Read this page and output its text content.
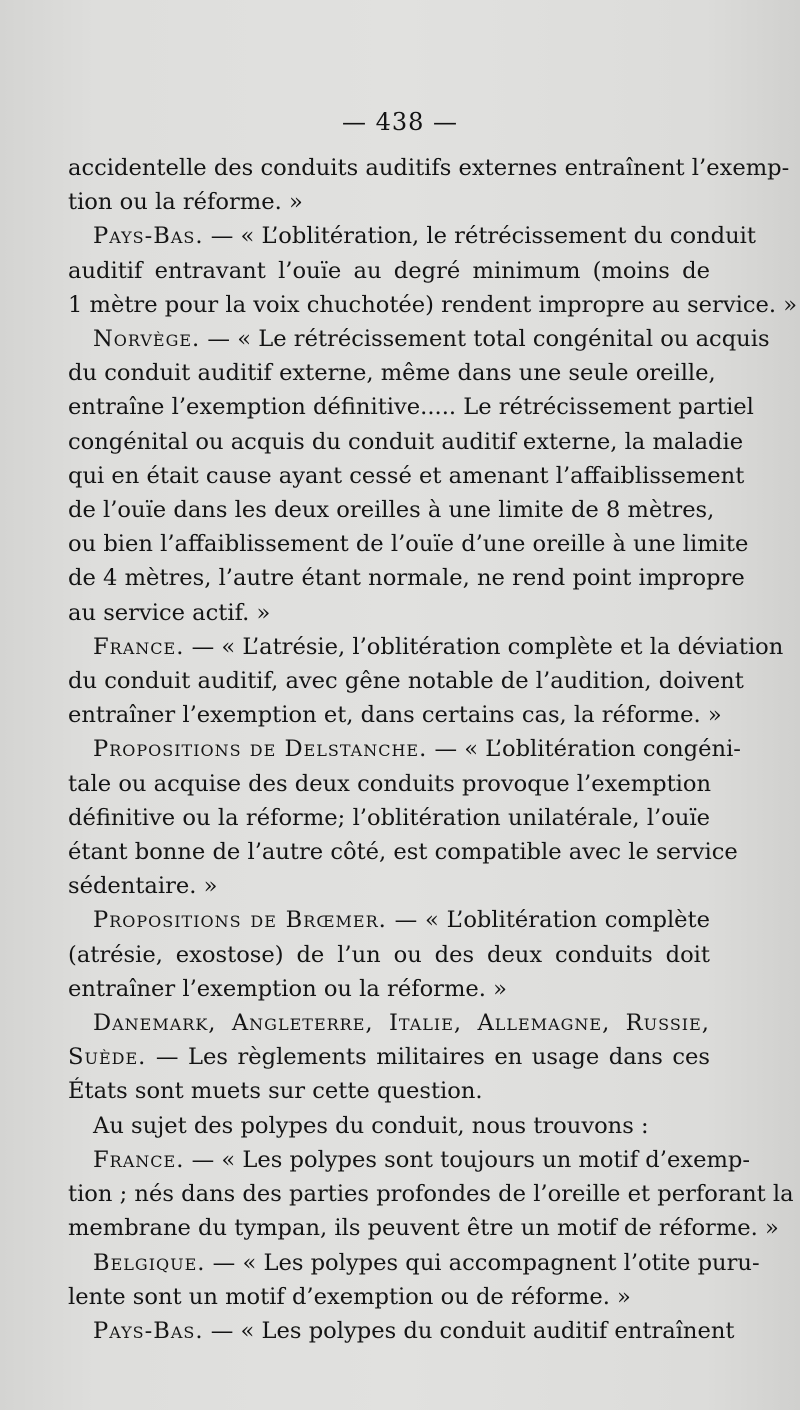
— 438 —
accidentelle des conduits auditifs externes entraînent l’exemp-
tion ou la réforme. »
Pays-Bas. — « L’oblitération, le rétrécissement du conduit
auditif entravant l’ouïe au degré minimum (moins de
1 mètre pour la voix chuchotée) rendent impropre au service. »
Norvège. — « Le rétrécissement total congénital ou acquis
du conduit auditif externe, même dans une seule oreille,
entraîne l’exemption définitive..... Le rétrécissement partiel
congénital ou acquis du conduit auditif externe, la maladie
qui en était cause ayant cessé et amenant l’affaiblissement
de l’ouïe dans les deux oreilles à une limite de 8 mètres,
ou bien l’affaiblissement de l’ouïe d’une oreille à une limite
de 4 mètres, l’autre étant normale, ne rend point impropre
au service actif. »
France. — « L’atrésie, l’oblitération complète et la déviation
du conduit auditif, avec gêne notable de l’audition, doivent
entraîner l’exemption et, dans certains cas, la réforme. »
Propositions de Delstanche. — « L’oblitération congéni-
tale ou acquise des deux conduits provoque l’exemption
définitive ou la réforme; l’oblitération unilatérale, l’ouïe
étant bonne de l’autre côté, est compatible avec le service
sédentaire. »
Propositions de Brœmer. — « L’oblitération complète
(atrésie, exostose) de l’un ou des deux conduits doit
entraîner l’exemption ou la réforme. »
Danemark, Angleterre, Italie, Allemagne, Russie,
Suède. — Les règlements militaires en usage dans ces
États sont muets sur cette question.
Au sujet des polypes du conduit, nous trouvons :
France. — « Les polypes sont toujours un motif d’exemp-
tion ; nés dans des parties profondes de l’oreille et perforant la
membrane du tympan, ils peuvent être un motif de réforme. »
Belgique. — « Les polypes qui accompagnent l’otite puru-
lente sont un motif d’exemption ou de réforme. »
Pays-Bas. — « Les polypes du conduit auditif entraînent
